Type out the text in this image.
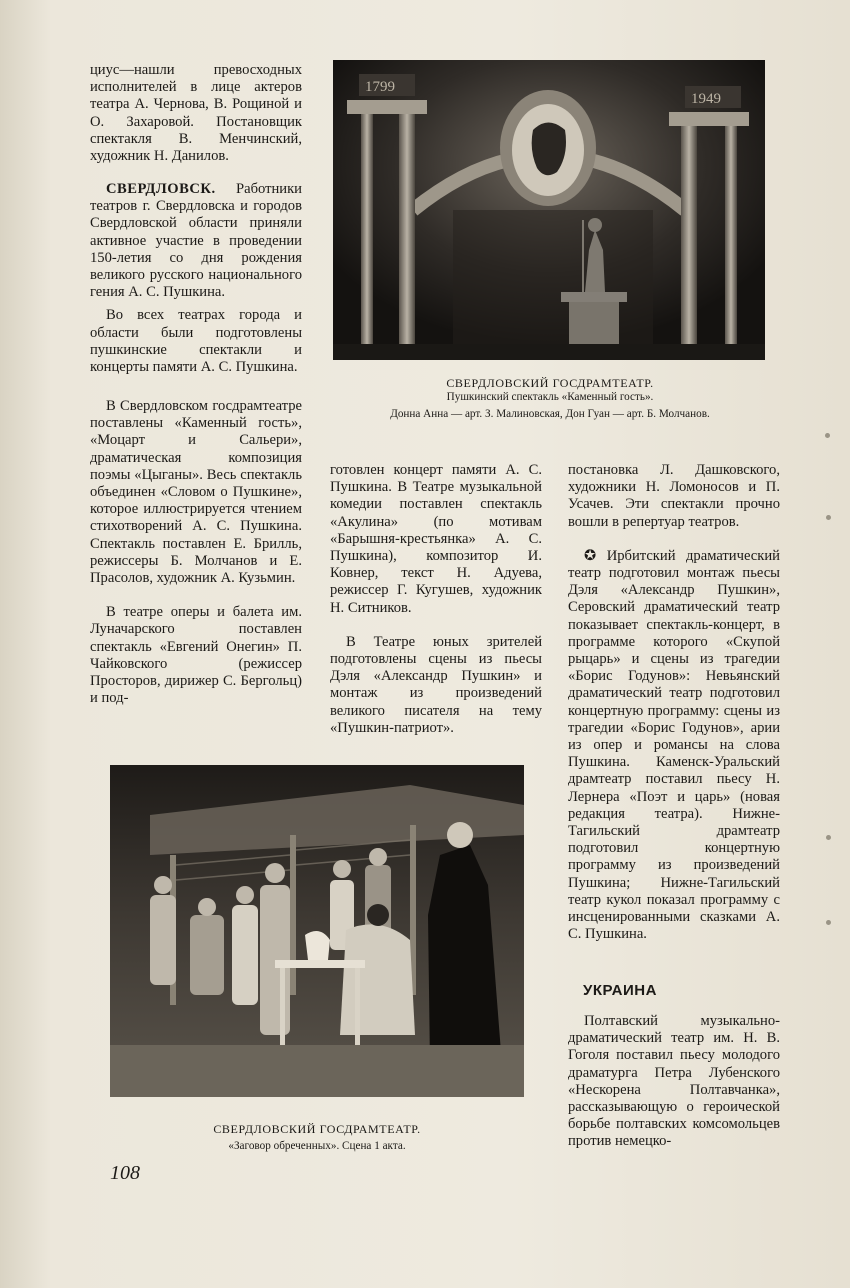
циус—нашли превосходных исполнителей в лице актеров театра А. Чернова, В. Рощиной и О. Захаровой. Постановщик спектакля В. Менчинский, художник Н. Данилов.

СВЕРДЛОВСК. Работники театров г. Свердловска и городов Свердловской области приняли активное участие в проведении 150-летия со дня рождения великого русского национального гения А. С. Пушкина.

Во всех театрах города и области были подготовлены пушкинские спектакли и концерты памяти А. С. Пушкина.

В Свердловском госдрамтеатре поставлены «Каменный гость», «Моцарт и Сальери», драматическая композиция поэмы «Цыганы». Весь спектакль объединен «Словом о Пушкине», которое иллюстрируется чтением стихотворений А. С. Пушкина. Спектакль поставлен Е. Брилль, режиссеры Б. Молчанов и Е. Прасолов, художник А. Кузьмин.

В театре оперы и балета им. Луначарского поставлен спектакль «Евгений Онегин» П. Чайковского (режиссер Просторов, дирижер С. Бергольц) и под-

готовлен концерт памяти А. С. Пушкина. В Театре музыкальной комедии поставлен спектакль «Акулина» (по мотивам «Барышня-крестьянка» А. С. Пушкина), композитор И. Ковнер, текст Н. Адуева, режиссер Г. Кугушев, художник Н. Ситников.

В Театре юных зрителей подготовлены сцены из пьесы Дэля «Александр Пушкин» и монтаж из произведений великого писателя на тему «Пушкин-патриот».

постановка Л. Дашковского, художники Н. Ломоносов и П. Усачев. Эти спектакли прочно вошли в репертуар театров.

✪ Ирбитский драматический театр подготовил монтаж пьесы Дэля «Александр Пушкин», Серовский драматический театр показывает спектакль-концерт, в программе которого «Скупой рыцарь» и сцены из трагедии «Борис Годунов»: Невьянский драматический театр подготовил концертную программу: сцены из трагедии «Борис Годунов», арии из опер и романсы на слова Пушкина. Каменск-Уральский драмтеатр поставил пьесу Н. Лернера «Поэт и царь» (новая редакция театра). Нижне-Тагильский драмтеатр подготовил концертную программу из произведений Пушкина; Нижне-Тагильский театр кукол показал программу с инсценированными сказками А. С. Пушкина.

УКРАИНА

Полтавский музыкально-драматический театр им. Н. В. Гоголя поставил пьесу молодого драматурга Петра Лубенского «Нескорена Полтавчанка», рассказывающую о героической борьбе полтавских комсомольцев против немецко-

1799
1949
СВЕРДЛОВСКИЙ ГОСДРАМТЕАТР.
Пушкинский спектакль «Каменный гость».
Донна Анна — арт. З. Малиновская, Дон Гуан — арт. Б. Молчанов.
СВЕРДЛОВСКИЙ ГОСДРАМТЕАТР.
«Заговор обреченных». Сцена 1 акта.
108
